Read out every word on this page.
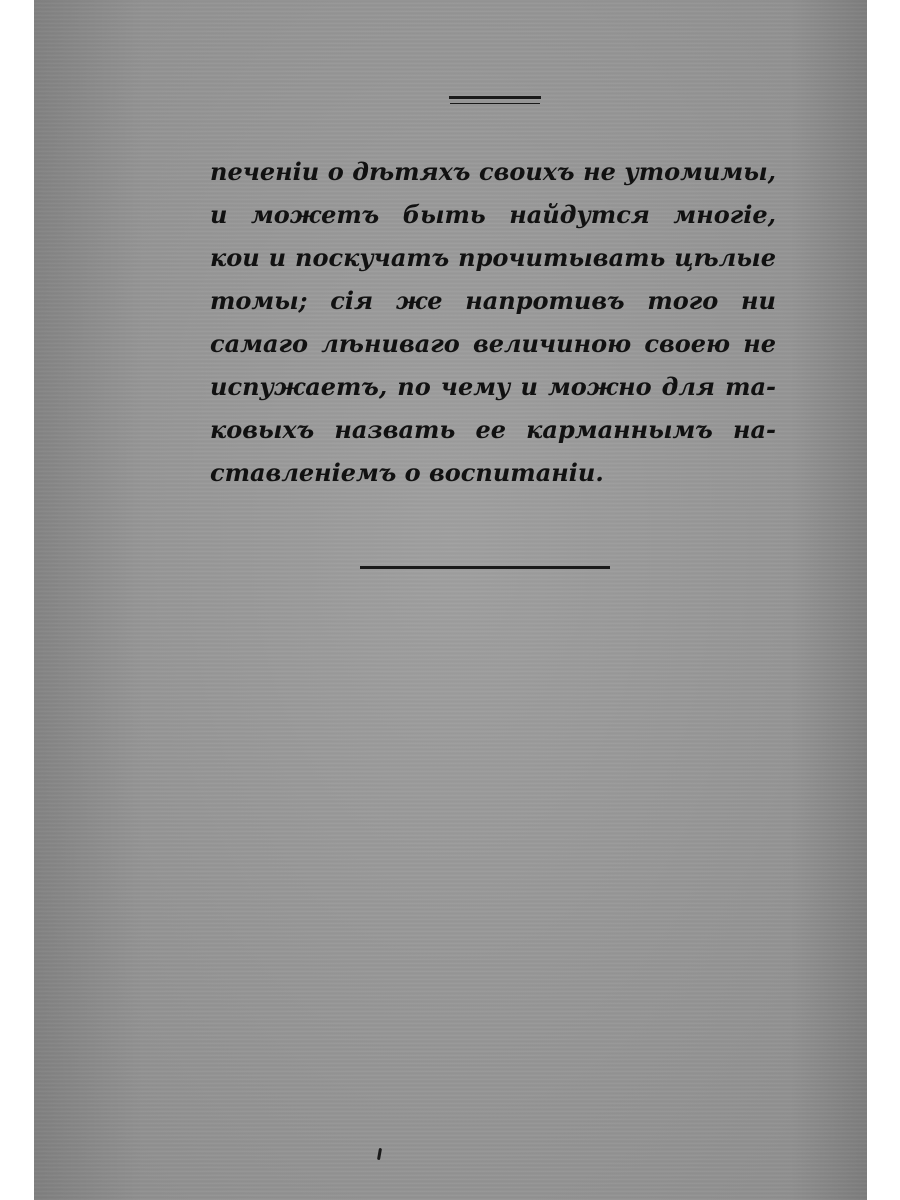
печеніи о дѣтяхъ своихъ не утомимы,
и можетъ быть найдутся многіе,
кои и поскучатъ прочитывать цѣлые
томы; сія же напротивъ того ни
самаго лѣниваго величиною своею не
испужаетъ, по чему и можно для та-
ковыхъ назвать ее карманнымъ на-
ставленіемъ о воспитаніи.
